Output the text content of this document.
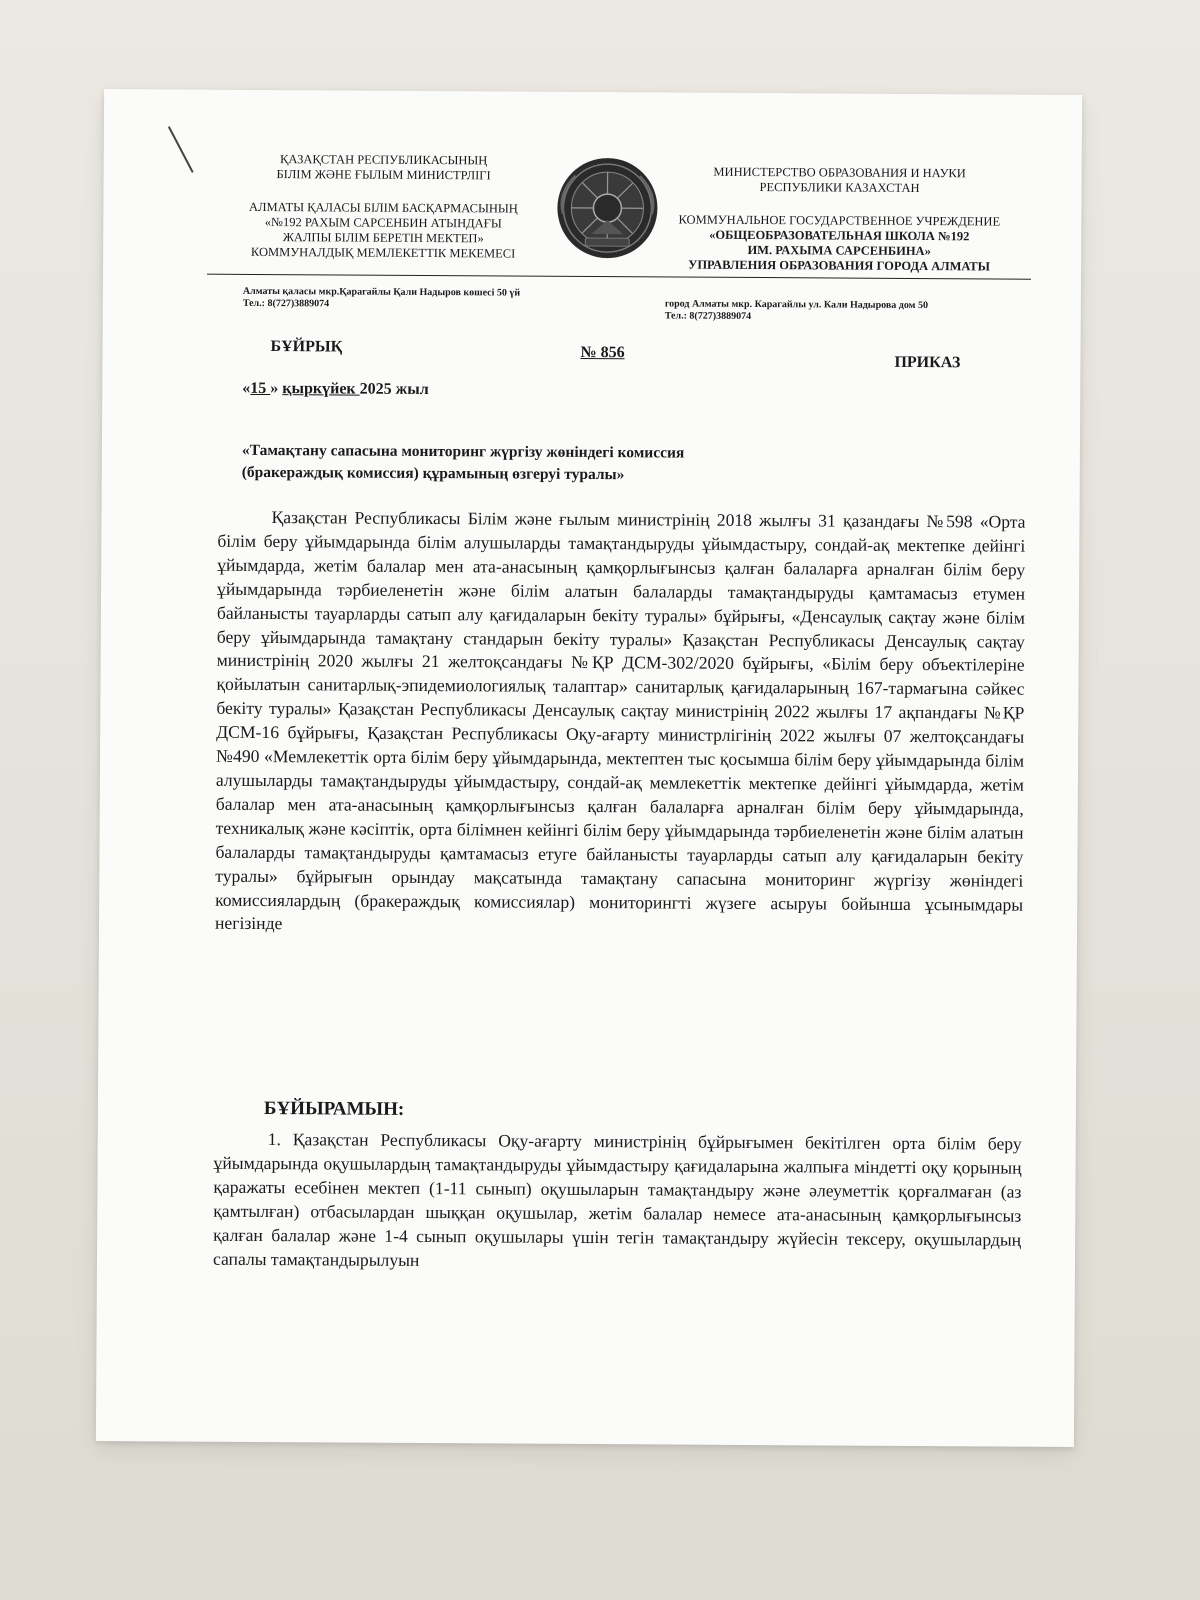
ҚАЗАҚСТАН РЕСПУБЛИКАСЫНЫҢ
БІЛІМ ЖӘНЕ ҒЫЛЫМ МИНИСТРЛІГІ
АЛМАТЫ ҚАЛАСЫ БІЛІМ БАСҚАРМАСЫНЫҢ
«№192 РАХЫМ САРСЕНБИН АТЫНДАҒЫ
ЖАЛПЫ БІЛІМ БЕРЕТІН МЕКТЕП»
КОММУНАЛДЫҚ МЕМЛЕКЕТТІК МЕКЕМЕСІ
МИНИСТЕРСТВО ОБРАЗОВАНИЯ И НАУКИ
РЕСПУБЛИКИ КАЗАХСТАН
КОММУНАЛЬНОЕ ГОСУДАРСТВЕННОЕ УЧРЕЖДЕНИЕ
«ОБЩЕОБРАЗОВАТЕЛЬНАЯ ШКОЛА №192
ИМ. РАХЫМА САРСЕНБИНА»
УПРАВЛЕНИЯ ОБРАЗОВАНИЯ ГОРОДА АЛМАТЫ
Алматы қаласы мкр.Қарагайлы Қали Надыров көшесі 50 үй
Тел.: 8(727)3889074	город Алматы мкр. Карагайлы ул. Кали Надырова дом 50
Тел.: 8(727)3889074
БҰЙРЫҚ	№ 856
ПРИКАЗ
«15 » қыркүйек 2025 жыл
«Тамақтану сапасына мониторинг жүргізу жөніндегі комиссия
(бракераждық комиссия) құрамының өзгеруі туралы»

Қазақстан Республикасы Білім және ғылым министрінің 2018 жылғы 31 қазандағы №598 «Орта білім беру ұйымдарында білім алушыларды тамақтандыруды ұйымдастыру, сондай-ақ мектепке дейінгі ұйымдарда, жетім балалар мен ата-анасының қамқорлығынсыз қалған балаларға арналған білім беру ұйымдарында тәрбиеленетін және білім алатын балаларды тамақтандыруды қамтамасыз етумен байланысты тауарларды сатып алу қағидаларын бекіту туралы» бұйрығы, «Денсаулық сақтау және білім беру ұйымдарында тамақтану стандарын бекіту туралы» Қазақстан Республикасы Денсаулық сақтау министрінің 2020 жылғы 21 желтоқсандағы №ҚР ДСМ-302/2020 бұйрығы, «Білім беру объектілеріне қойылатын санитарлық-эпидемиологиялық талаптар» санитарлық қағидаларының 167-тармағына сәйкес бекіту туралы» Қазақстан Республикасы Денсаулық сақтау министрінің 2022 жылғы 17 ақпандағы №ҚР ДСМ-16 бұйрығы, Қазақстан Республикасы Оқу-ағарту министрлігінің 2022 жылғы 07 желтоқсандағы №490 «Мемлекеттік орта білім беру ұйымдарында, мектептен тыс қосымша білім беру ұйымдарында білім алушыларды тамақтандыруды ұйымдастыру, сондай-ақ мемлекеттік мектепке дейінгі ұйымдарда, жетім балалар мен ата-анасының қамқорлығынсыз қалған балаларға арналған білім беру ұйымдарында, техникалық және кәсіптік, орта білімнен кейінгі білім беру ұйымдарында тәрбиеленетін және білім алатын балаларды тамақтандыруды қамтамасыз етуге байланысты тауарларды сатып алу қағидаларын бекіту туралы» бұйрығын орындау мақсатында тамақтану сапасына мониторинг жүргізу жөніндегі комиссиялардың (бракераждық комиссиялар) мониторингті жүзеге асыруы бойынша ұсынымдары негізінде

БҰЙЫРАМЫН:

1. Қазақстан Республикасы Оқу-ағарту министрінің бұйрығымен бекітілген орта білім беру ұйымдарында оқушылардың тамақтандыруды ұйымдастыру қағидаларына жалпыға міндетті оқу қорының қаражаты есебінен мектеп (1-11 сынып) оқушыларын тамақтандыру және әлеуметтік қорғалмаған (аз қамтылған) отбасылардан шыққан оқушылар, жетім балалар немесе ата-анасының қамқорлығынсыз қалған балалар және 1-4 сынып оқушылары үшін тегін тамақтандыру жүйесін тексеру, оқушылардың сапалы тамақтандырылуын
